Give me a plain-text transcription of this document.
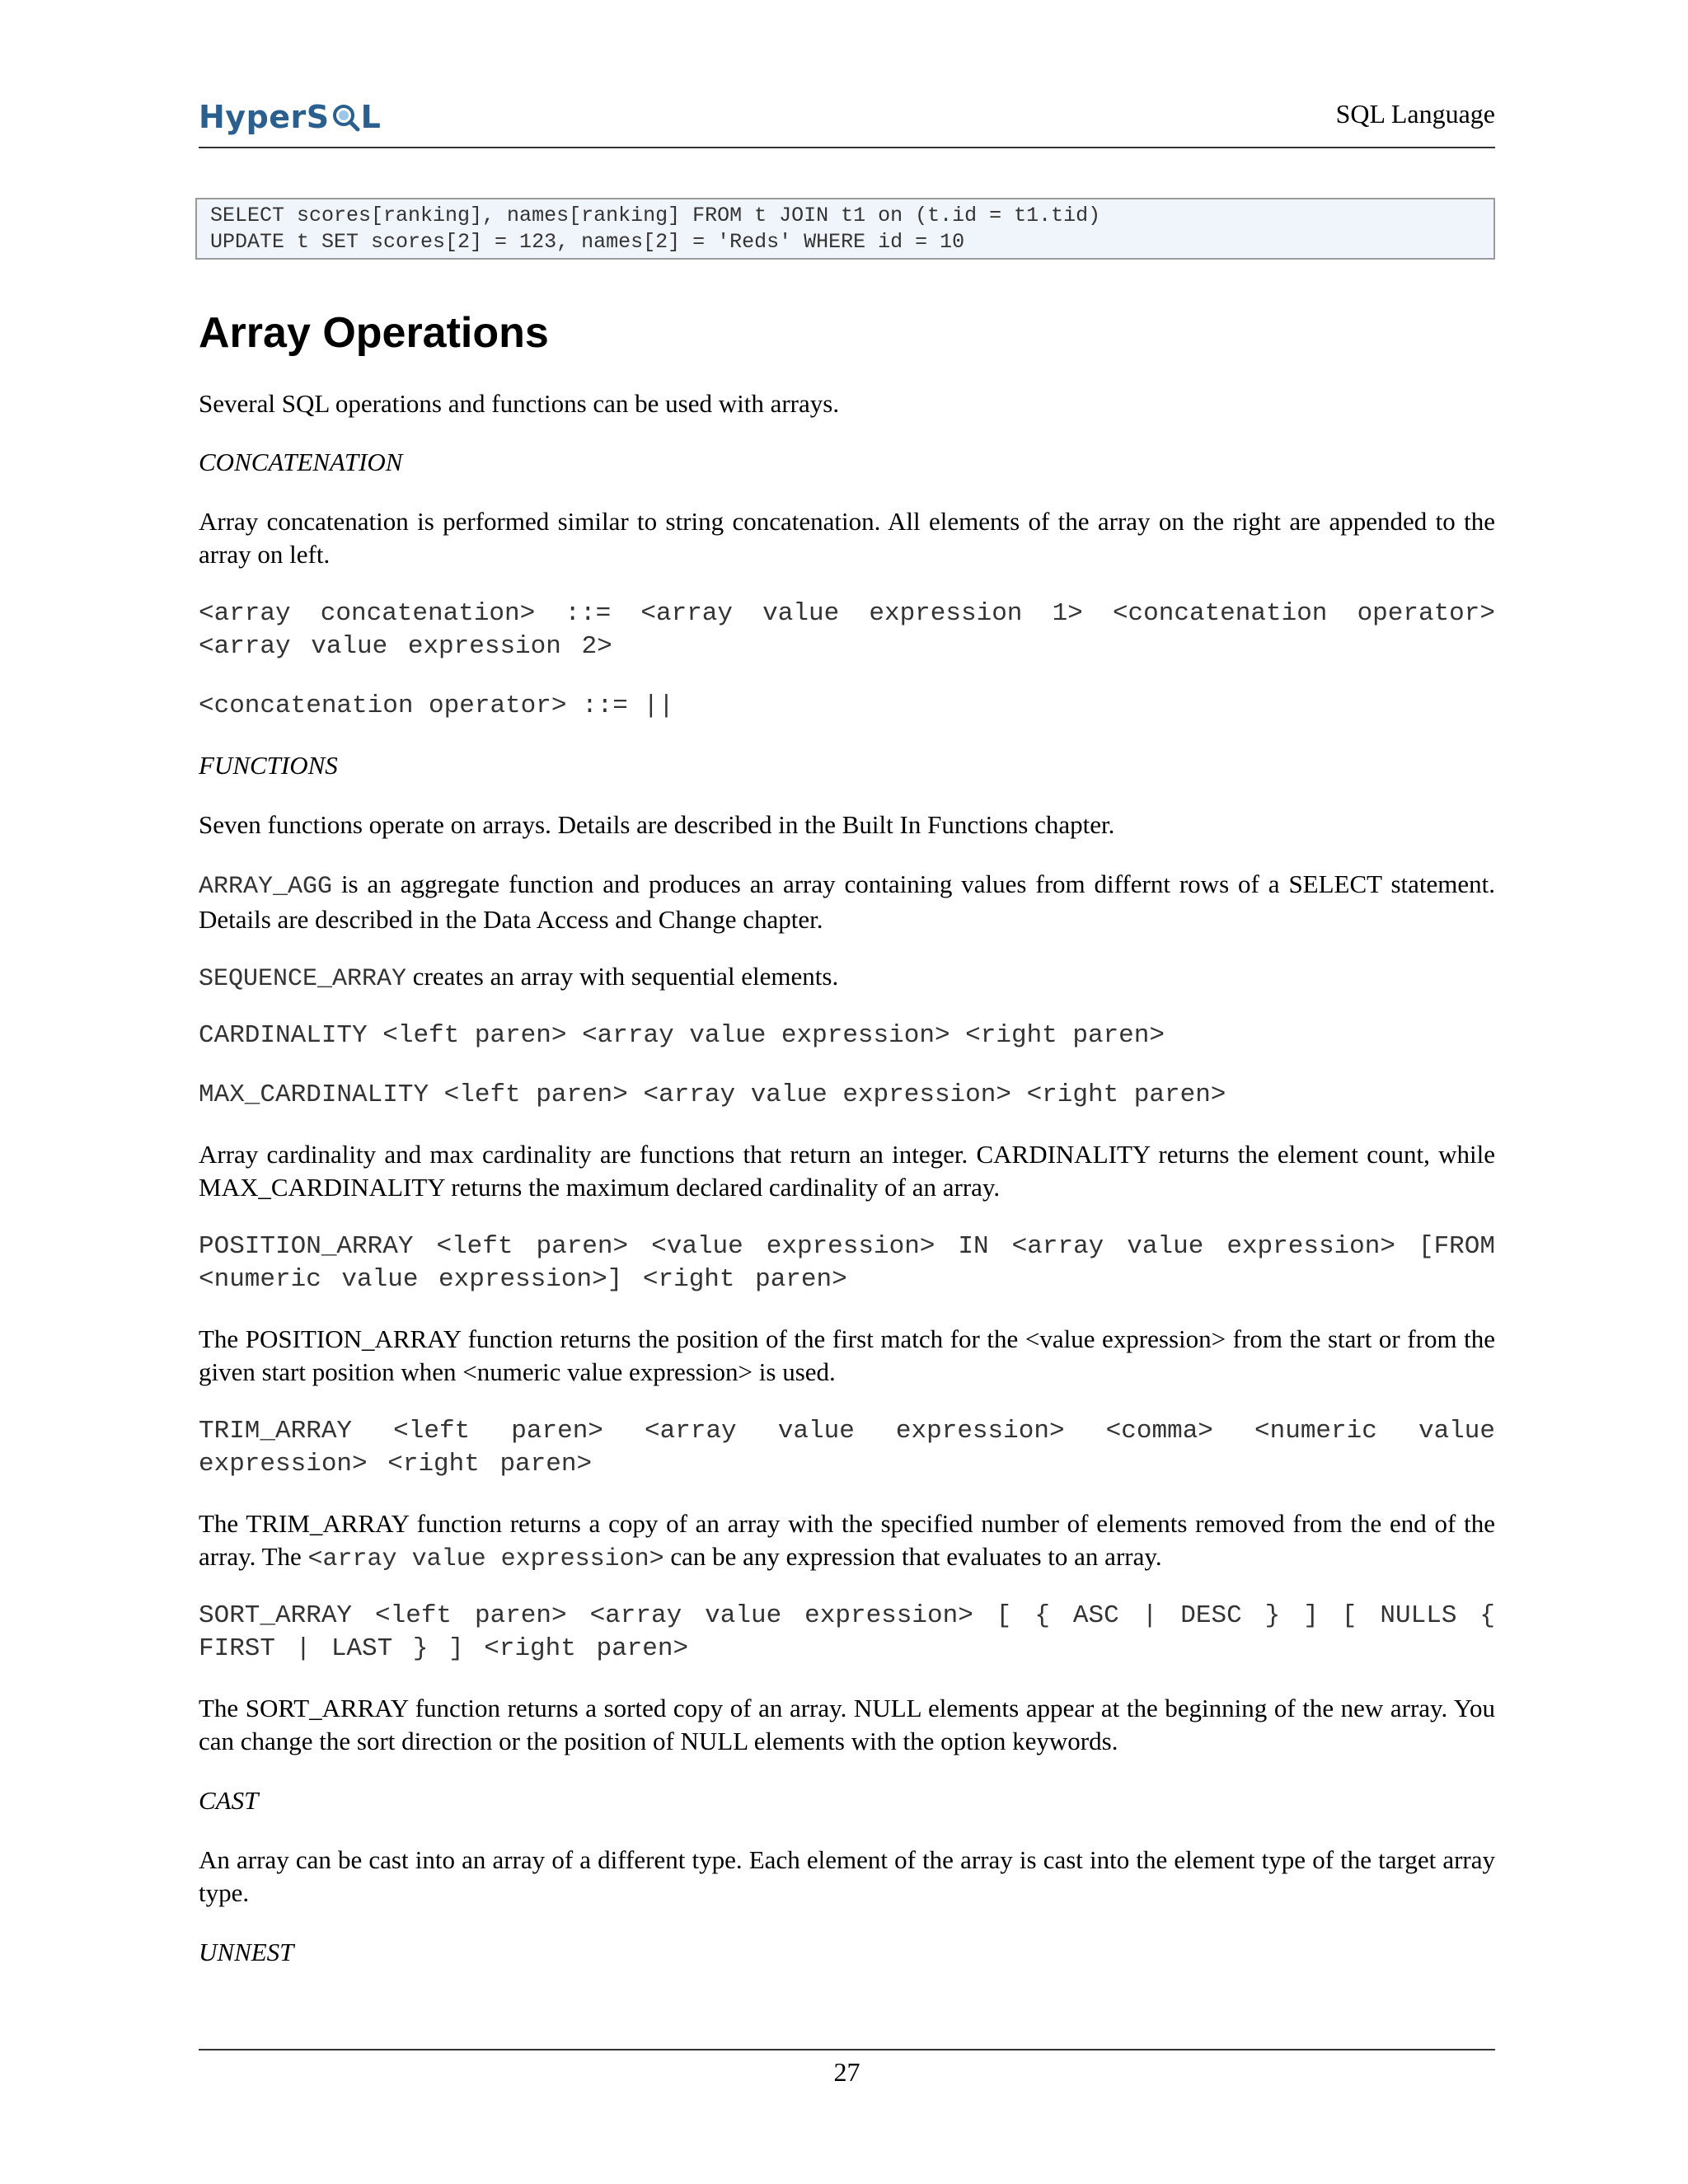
HyperS L	SQL Language
SELECT scores[ranking], names[ranking] FROM t JOIN t1 on (t.id = t1.tid)
UPDATE t SET scores[2] = 123, names[2] = 'Reds' WHERE id = 10
Array Operations
Several SQL operations and functions can be used with arrays.
CONCATENATION
Array concatenation is performed similar to string concatenation. All elements of the array on the right are appended to the array on left.
<array concatenation> ::= <array value expression 1> <concatenation operator> <array value expression 2>
<concatenation operator> ::= ||
FUNCTIONS
Seven functions operate on arrays. Details are described in the Built In Functions chapter.
ARRAY_AGG is an aggregate function and produces an array containing values from differnt rows of a SELECT statement. Details are described in the Data Access and Change chapter.
SEQUENCE_ARRAY creates an array with sequential elements.
CARDINALITY <left paren> <array value expression> <right paren>
MAX_CARDINALITY <left paren> <array value expression> <right paren>
Array cardinality and max cardinality are functions that return an integer. CARDINALITY returns the element count, while MAX_CARDINALITY returns the maximum declared cardinality of an array.
POSITION_ARRAY <left paren> <value expression> IN <array value expression> [FROM <numeric value expression>] <right paren>
The POSITION_ARRAY function returns the position of the first match for the <value expression> from the start or from the given start position when <numeric value expression> is used.
TRIM_ARRAY <left paren> <array value expression> <comma> <numeric value expression> <right paren>
The TRIM_ARRAY function returns a copy of an array with the specified number of elements removed from the end of the array. The <array value expression> can be any expression that evaluates to an array.
SORT_ARRAY <left paren> <array value expression> [ { ASC | DESC } ] [ NULLS { FIRST | LAST } ] <right paren>
The SORT_ARRAY function returns a sorted copy of an array. NULL elements appear at the beginning of the new array. You can change the sort direction or the position of NULL elements with the option keywords.
CAST
An array can be cast into an array of a different type. Each element of the array is cast into the element type of the target array type.
UNNEST
27
